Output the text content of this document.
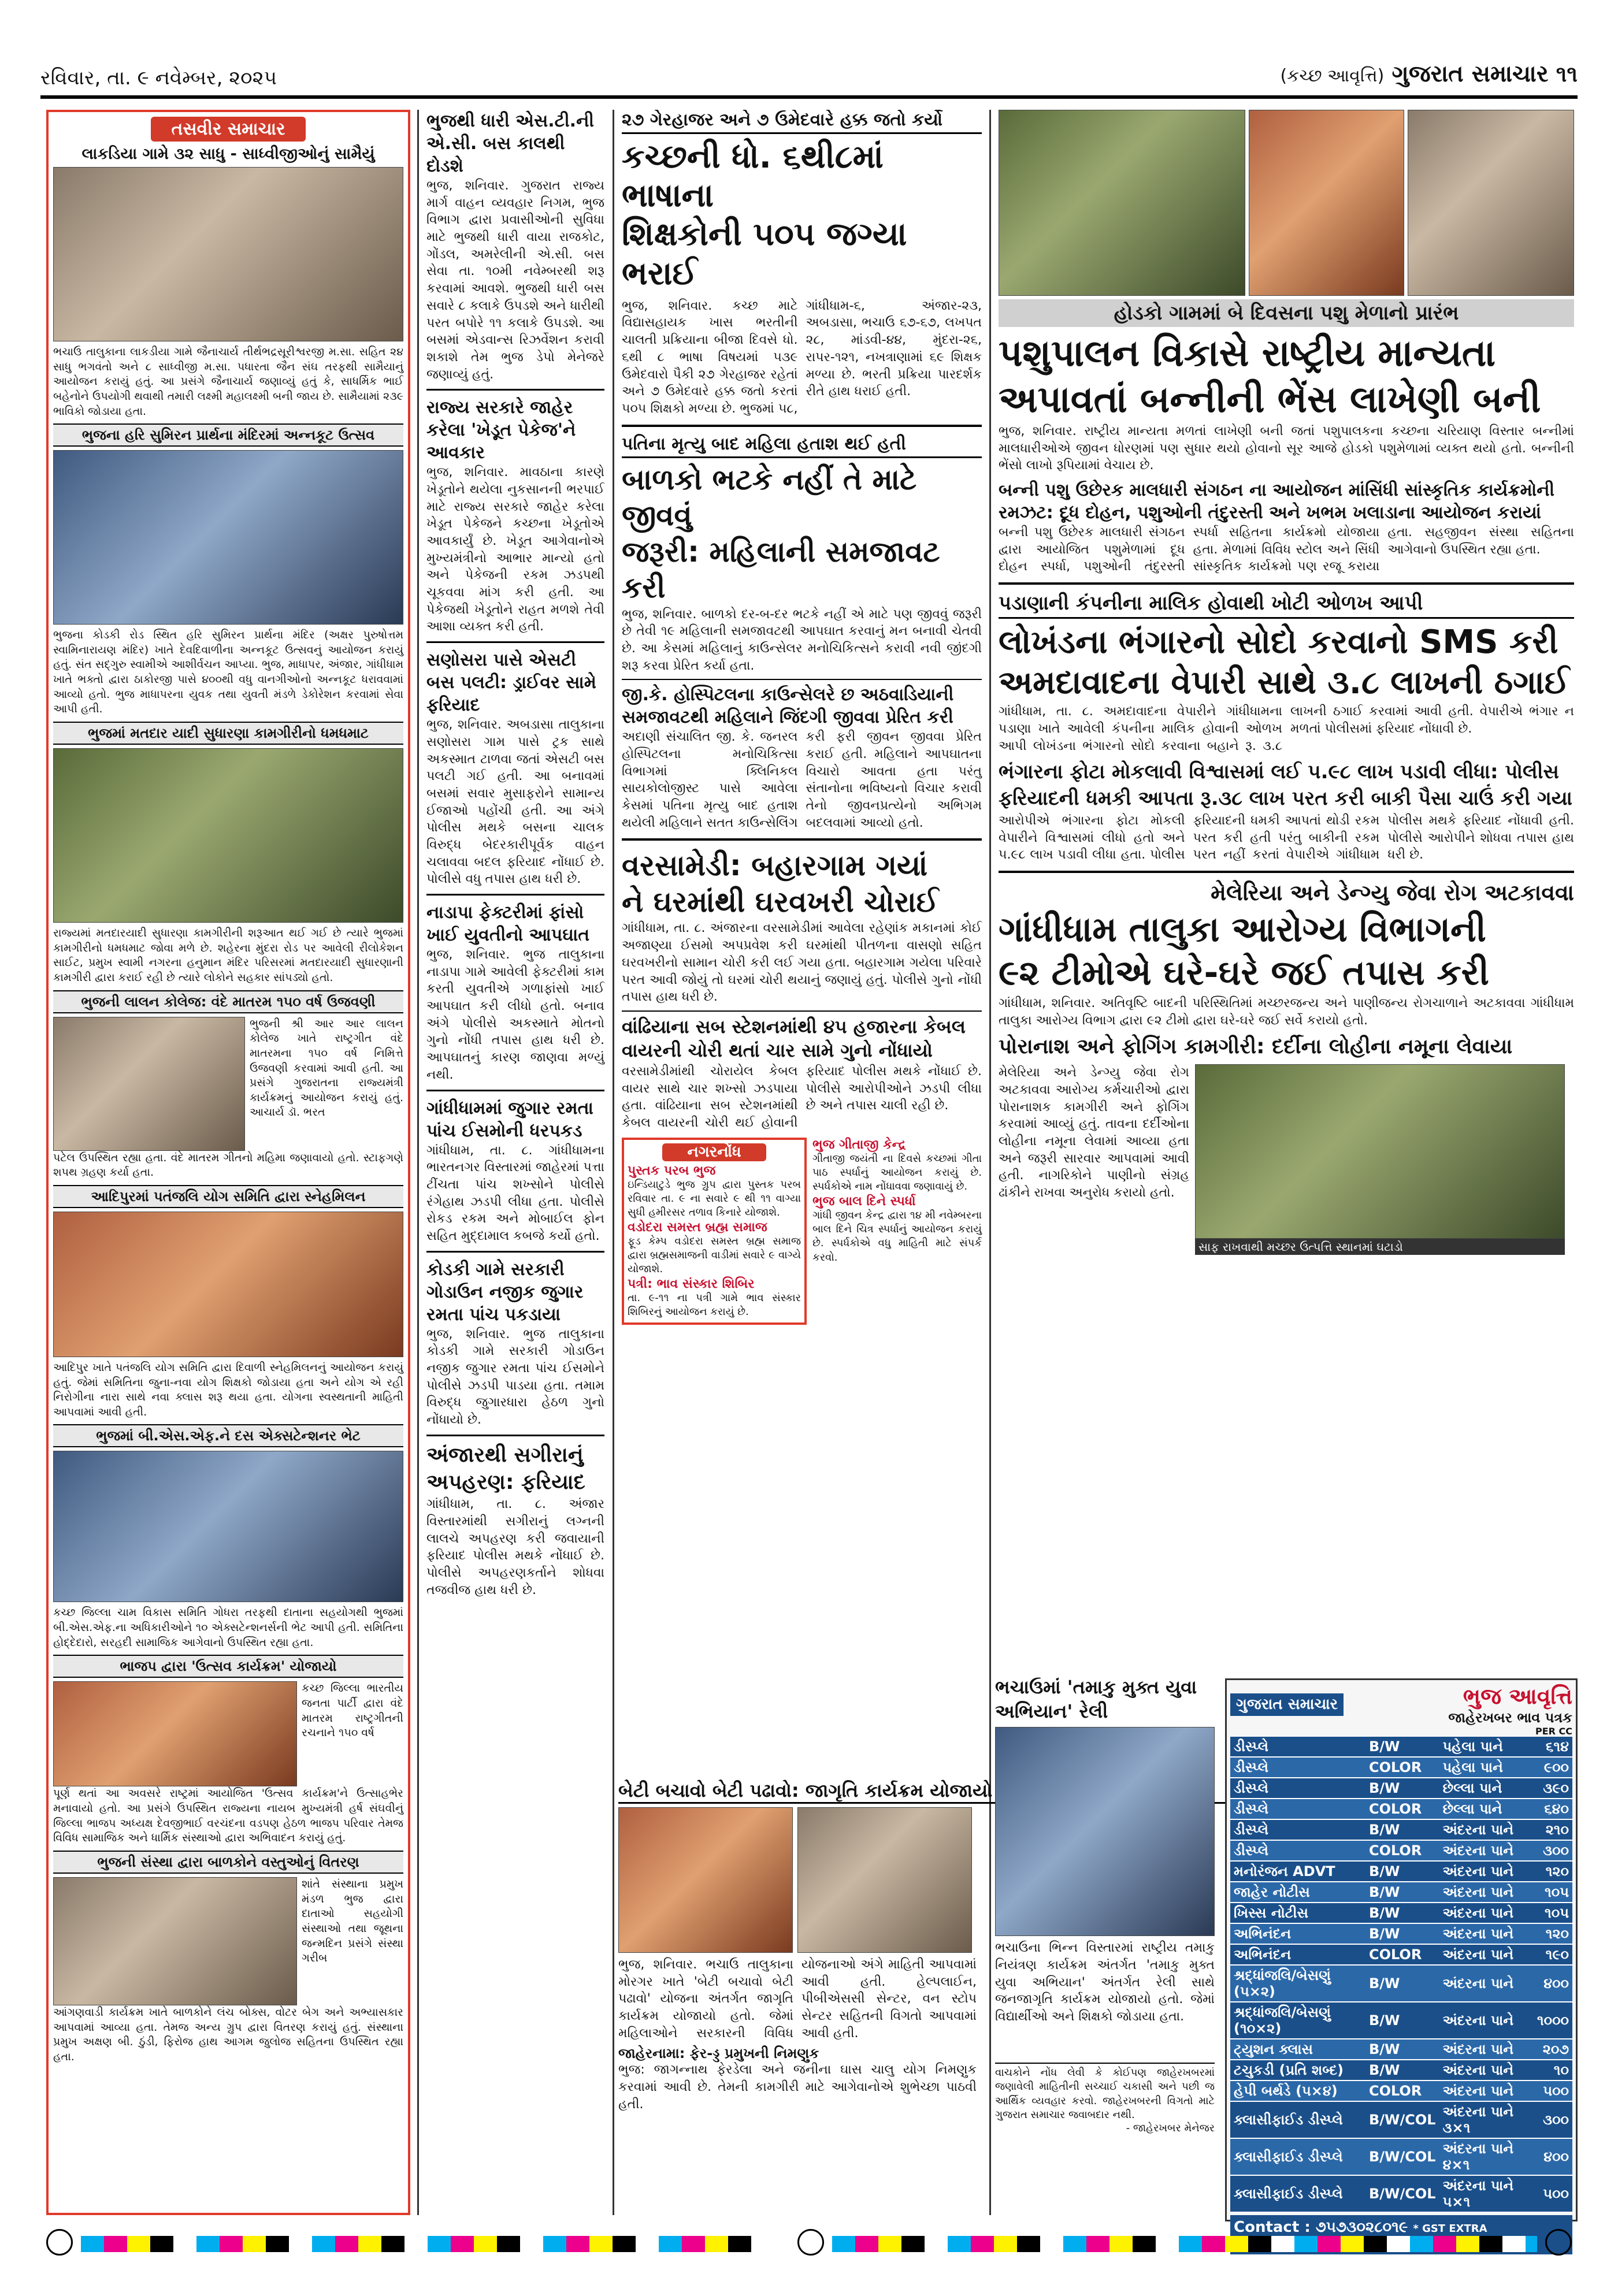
રવિવાર, તા. ૯ નવેમ્બર, ૨૦૨૫	(કચ્છ આવૃત્તિ) ગુજરાત સમાચાર ૧૧
તસવીર સમાચાર
લાકડિયા ગામે ૩૨ સાધુ - સાધ્વીજીઓનું સામૈયું
ભચાઉ તાલુકાના લાકડીયા ગામે જૈનાચાર્ય તીર્થભદ્રસૂરીશ્વરજી મ.સા. સહિત ૨૪ સાધુ ભગવંતો અને ૮ સાધ્વીજી મ.સા. પધારતા જૈન સંઘ તરફથી સામૈયાનું આયોજન કરાયું હતું. આ પ્રસંગે જૈનાચાર્ય જણાવ્યું હતું કે, સાધર્મિક ભાઈ બહેનોને ઉપયોગી થવાથી તમારી લક્ષ્મી મહાલક્ષ્મી બની જાય છે. સામૈયામાં ૨૩૯ ભાવિકો જોડાયા હતા.
ભુજના હરિ સુમિરન પ્રાર્થના મંદિરમાં અન્નકૂટ ઉત્સવ
ભુજના કોડકી રોડ સ્થિત હરિ સુમિરન પ્રાર્થના મંદિર (અક્ષર પુરુષોત્તમ સ્વામિનારાયણ મંદિર) ખાતે દેવદિવાળીના અન્નકૂટ ઉત્સવનું આયોજન કરાયું હતું. સંત સદ્ગુરુ સ્વામીએ આશીર્વચન આપ્યા. ભુજ, માધાપર, અંજાર, ગાંધીધામ ખાતે ભક્તો દ્વારા ઠાકોરજી પાસે ૪૦૦થી વધુ વાનગીઓનો અન્નકૂટ ધરાવવામાં આવ્યો હતો. ભુજ માધાપરના યુવક તથા યુવતી મંડળે ડેકોરેશન કરવામાં સેવા આપી હતી.
ભુજમાં મતદાર યાદી સુધારણા કામગીરીનો ધમધમાટ
રાજ્યમાં મતદારયાદી સુધારણા કામગીરીની શરૂઆત થઈ ગઈ છે ત્યારે ભુજમાં કામગીરીનો ધમધમાટ જોવા મળે છે. શહેરના મુંદરા રોડ પર આવેલી રીલોકેશન સાઈટ, પ્રમુખ સ્વામી નગરના હનુમાન મંદિર પરિસરમાં મતદારયાદી સુધારણાની કામગીરી દ્વારા કરાઈ રહી છે ત્યારે લોકોને સહકાર સાંપડ્યો હતો.
ભુજની લાલન કોલેજ: વંદે માતરમ ૧૫૦ વર્ષ ઉજવણી
ભુજની શ્રી આર આર લાલન કોલેજ ખાતે રાષ્ટ્રગીત વંદે માતરમના ૧૫૦ વર્ષ નિમિત્તે ઉજવણી કરવામાં આવી હતી. આ પ્રસંગે ગુજરાતના રાજ્યમંત્રી કાર્યક્રમનું આયોજન કરાયું હતું. આચાર્ય ડૉ. ભરત
પટેલ ઉપસ્થિત રહ્યા હતા. વંદે માતરમ ગીતનો મહિમા જણાવાયો હતો. સ્ટાફગણે શપથ ગ્રહણ કર્યા હતા.
આદિપુરમાં પતંજલિ યોગ સમિતિ દ્વારા સ્નેહમિલન
આદિપુર ખાતે પતંજલિ યોગ સમિતિ દ્વારા દિવાળી સ્નેહમિલનનું આયોજન કરાયું હતું. જેમાં સમિતિના જુના-નવા યોગ શિક્ષકો જોડાયા હતા અને યોગ એ રહી નિરોગીના નારા સાથે નવા ક્લાસ શરૂ થયા હતા. યોગના સ્વસ્થતાની માહિતી આપવામાં આવી હતી.
ભુજમાં બી.એસ.એફ.ને દસ એક્સટેન્શનર ભેટ
કચ્છ જિલ્લા ચામ વિકાસ સમિતિ ગોધરા તરફથી દાતાના સહયોગથી ભુજમાં બી.એસ.એફ.ના અધિકારીઓને ૧૦ એક્સટેન્શનર્સની ભેટ આપી હતી. સમિતિના હોદ્દેદારો, સરહદી સામાજિક આગેવાનો ઉપસ્થિત રહ્યા હતા.
ભાજપ દ્વારા 'ઉત્સવ કાર્યક્રમ' યોજાયો
કચ્છ જિલ્લા ભારતીય જનતા પાર્ટી દ્વારા વંદે માતરમ રાષ્ટ્રગીતની રચનાને ૧૫૦ વર્ષ
પૂર્ણ થતાં આ અવસરે રાષ્ટ્રમાં આયોજિત 'ઉત્સવ કાર્યક્રમ'ને ઉત્સાહભેર મનાવાયો હતો. આ પ્રસંગે ઉપસ્થિત રાજ્યના નાયબ મુખ્યમંત્રી હર્ષ સંઘવીનું જિલ્લા ભાજપ અધ્યક્ષ દેવજીભાઈ વરચંદના વડપણ હેઠળ ભાજપ પરિવાર તેમજ વિવિધ સામાજિક અને ધાર્મિક સંસ્થાઓ દ્વારા અભિવાદન કરાયું હતું.
ભુજની સંસ્થા દ્વારા બાળકોને વસ્તુઓનું વિતરણ
શાંતે સંસ્થાના પ્રમુખ મંડળ ભુજ દ્વારા દાતાઓ સહયોગી સંસ્થાઓ તથા જૂથના જન્મદિન પ્રસંગે સંસ્થા ગરીબ
આંગણવાડી કાર્યક્રમ ખાતે બાળકોને લંચ બોક્સ, વોટર બેગ અને અભ્યાસકાર આપવામાં આવ્યા હતા. તેમજ અન્ય ગ્રુપ દ્વારા વિતરણ કરાયું હતું. સંસ્થાના પ્રમુખ અક્ષણ બી. ઠુંડી, ફિરોજ હાથ આગમ જુલોજ સહિતના ઉપસ્થિત રહ્યા હતા.
ભુજથી ધારી એસ.ટી.ની એ.સી. બસ કાલથી દોડશે
ભુજ, શનિવાર. ગુજરાત રાજ્ય માર્ગ વાહન વ્યવહાર નિગમ, ભુજ વિભાગ દ્વારા પ્રવાસીઓની સુવિધા માટે ભુજથી ધારી વાયા રાજકોટ, ગોંડલ, અમરેલીની એ.સી. બસ સેવા તા. ૧૦મી નવેમ્બરથી શરૂ કરવામાં આવશે. ભુજથી ધારી બસ સવારે ૮ કલાકે ઉપડશે અને ધારીથી પરત બપોરે ૧૧ કલાકે ઉપડશે. આ બસમાં એડવાન્સ રિઝર્વેશન કરાવી શકાશે તેમ ભુજ ડેપો મેનેજરે જણાવ્યું હતું.
રાજ્ય સરકારે જાહેર કરેલા 'ખેડૂત પેકેજ'ને આવકાર
ભુજ, શનિવાર. માવઠાના કારણે ખેડૂતોને થયેલા નુકસાનની ભરપાઈ માટે રાજ્ય સરકારે જાહેર કરેલા ખેડૂત પેકેજને કચ્છના ખેડૂતોએ આવકાર્યું છે. ખેડૂત આગેવાનોએ મુખ્યમંત્રીનો આભાર માન્યો હતો અને પેકેજની રકમ ઝડપથી ચૂકવવા માંગ કરી હતી. આ પેકેજથી ખેડૂતોને રાહત મળશે તેવી આશા વ્યક્ત કરી હતી.
સણોસરા પાસે એસટી બસ પલટી: ડ્રાઈવર સામે ફરિયાદ
ભુજ, શનિવાર. અબડાસા તાલુકાના સણોસરા ગામ પાસે ટ્રક સાથે અકસ્માત ટાળવા જતાં એસટી બસ પલટી ગઈ હતી. આ બનાવમાં બસમાં સવાર મુસાફરોને સામાન્ય ઈજાઓ પહોંચી હતી. આ અંગે પોલીસ મથકે બસના ચાલક વિરુદ્ધ બેદરકારીપૂર્વક વાહન ચલાવવા બદલ ફરિયાદ નોંધાઈ છે. પોલીસે વધુ તપાસ હાથ ધરી છે.
નાડાપા ફેક્ટરીમાં ફાંસો ખાઈ યુવતીનો આપઘાત
ભુજ, શનિવાર. ભુજ તાલુકાના નાડાપા ગામે આવેલી ફેક્ટરીમાં કામ કરતી યુવતીએ ગળાફાંસો ખાઈ આપઘાત કરી લીધો હતો. બનાવ અંગે પોલીસે અકસ્માતે મોતનો ગુનો નોંધી તપાસ હાથ ધરી છે. આપઘાતનું કારણ જાણવા મળ્યું નથી.
ગાંધીધામમાં જુગાર રમતા પાંચ ઈસમોની ધરપકડ
ગાંધીધામ, તા. ૮. ગાંધીધામના ભારતનગર વિસ્તારમાં જાહેરમાં પત્તા ટીંચતા પાંચ શખ્સોને પોલીસે રંગેહાથ ઝડપી લીધા હતા. પોલીસે રોકડ રકમ અને મોબાઈલ ફોન સહિત મુદ્દામાલ કબજે કર્યો હતો.
કોડકી ગામે સરકારી ગોડાઉન નજીક જુગાર રમતા પાંચ પકડાયા
ભુજ, શનિવાર. ભુજ તાલુકાના કોડકી ગામે સરકારી ગોડાઉન નજીક જુગાર રમતા પાંચ ઈસમોને પોલીસે ઝડપી પાડયા હતા. તમામ વિરુદ્ધ જુગારધારા હેઠળ ગુનો નોંધાયો છે.
અંજારથી સગીરાનું અપહરણ: ફરિયાદ
ગાંધીધામ, તા. ૮. અંજાર વિસ્તારમાંથી સગીરાનું લગ્નની લાલચે અપહરણ કરી જવાયાની ફરિયાદ પોલીસ મથકે નોંધાઈ છે. પોલીસે અપહરણકર્તાને શોધવા તજવીજ હાથ ધરી છે.
૨૭ ગેરહાજર અને ૭ ઉમેદવારે હક્ક જતો કર્યો
કચ્છની ધો. ૬થી૮માં ભાષાના
શિક્ષકોની ૫૦૫ જગ્યા ભરાઈ
ભુજ, શનિવાર. કચ્છ માટે વિદ્યાસહાયક ખાસ ભરતીની ચાલતી પ્રક્રિયાના બીજા દિવસે ધો. ૬થી ૮ ભાષા વિષયમાં ૫૩૯ ઉમેદવારો પૈકી ૨૭ ગેરહાજર રહેતાં અને ૭ ઉમેદવારે હક્ક જતો કરતાં ૫૦૫ શિક્ષકો મળ્યા છે. ભુજમાં ૫૮, ગાંધીધામ-૬, અંજાર-૨૩, અબડાસા, ભચાઉ ૬૭-૬૭, લખપત ૨૮, માંડવી-૪૪, મુંદરા-૨૬, રાપર-૧૨૧, નખત્રાણામાં ૬૯ શિક્ષક મળ્યા છે. ભરતી પ્રક્રિયા પારદર્શક રીતે હાથ ધરાઈ હતી.
પતિના મૃત્યુ બાદ મહિલા હતાશ થઈ હતી
બાળકો ભટકે નહીં તે માટે જીવવું
જરૂરી: મહિલાની સમજાવટ કરી
ભુજ, શનિવાર. બાળકો દર-બ-દર ભટકે નહીં એ માટે પણ જીવવું જરૂરી છે તેવી ૧૯ મહિલાની સમજાવટથી આપઘાત કરવાનું મન બનાવી ચેતવી છે. આ કેસમાં મહિલાનું કાઉન્સેલર મનોચિકિત્સને કરાવી નવી જીંદગી શરૂ કરવા પ્રેરિત કર્યા હતા.
જી.કે. હોસ્પિટલના કાઉન્સેલરે છ અઠવાડિયાની સમજાવટથી મહિલાને જિંદગી જીવવા પ્રેરિત કરી
અદાણી સંચાલિત જી. કે. જનરલ હોસ્પિટલના મનોચિકિત્સા વિભાગમાં ક્લિનિકલ સાયકોલોજીસ્ટ પાસે આવેલા કેસમાં પતિના મૃત્યુ બાદ હતાશ થયેલી મહિલાને સતત કાઉન્સેલિંગ કરી ફરી જીવન જીવવા પ્રેરિત કરાઈ હતી. મહિલાને આપઘાતના વિચારો આવતા હતા પરંતુ સંતાનોના ભવિષ્યનો વિચાર કરાવી તેનો જીવનપ્રત્યેનો અભિગમ બદલવામાં આવ્યો હતો.
વરસામેડી: બહારગામ ગયાં
ને ઘરમાંથી ઘરવખરી ચોરાઈ
ગાંધીધામ, તા. ૮. અંજારના વરસામેડીમાં આવેલા રહેણાંક મકાનમાં કોઈ અજાણ્યા ઈસમો અપપ્રવેશ કરી ઘરમાંથી પીતળના વાસણો સહિત ઘરવખરીનો સામાન ચોરી કરી લઈ ગયા હતા. બહારગામ ગયેલા પરિવારે પરત આવી જોયું તો ઘરમાં ચોરી થયાનું જણાયું હતું. પોલીસે ગુનો નોંધી તપાસ હાથ ધરી છે.
વાંઢિયાના સબ સ્ટેશનમાંથી ૪૫ હજારના કેબલ વાયરની ચોરી થતાં ચાર સામે ગુનો નોંધાયો
વરસામેડીમાંથી ચોરાયેલ કેબલ વાયર સાથે ચાર શખ્સો ઝડપાયા હતા. વાંઢિયાના સબ સ્ટેશનમાંથી કેબલ વાયરની ચોરી થઈ હોવાની ફરિયાદ પોલીસ મથકે નોંધાઈ છે. પોલીસે આરોપીઓને ઝડપી લીધા છે અને તપાસ ચાલી રહી છે.
નગરનોંધ
પુસ્તક પરબ ભુજ
ઇન્ડિયાટુડે ભુજ ગ્રુપ દ્વારા પુસ્તક પરબ રવિવાર તા. ૯ ના સવારે ૯ થી ૧૧ વાગ્યા સુધી હમીરસર તળાવ કિનારે યોજાશે.
વડોદરા સમસ્ત બ્રહ્મ સમાજ
ફૂડ કેમ્પ વડોદરા સમસ્ત બ્રહ્મ સમાજ દ્વારા બ્રહ્મસમાજની વાડીમાં સવારે ૯ વાગ્યે યોજાશે.
પત્રી: ભાવ સંસ્કાર શિબિર
તા. ૯-૧૧ ના પત્રી ગામે ભાવ સંસ્કાર શિબિરનું આયોજન કરાયું છે.
ભુજ ગીતાજી કેન્દ્ર
ગીતાજી જયંતી ના દિવસે કચ્છમાં ગીતા પાઠ સ્પર્ધાનું આયોજન કરાયું છે. સ્પર્ધકોએ નામ નોંધાવવા જણાવાયું છે.
ભુજ બાલ દિને સ્પર્ધા
ગાંધી જીવન કેન્દ્ર દ્વારા ૧૪ મી નવેમ્બરના બાલ દિને ચિત્ર સ્પર્ધાનું આયોજન કરાયું છે. સ્પર્ધકોએ વધુ માહિતી માટે સંપર્ક કરવો.
બેટી બચાવો બેટી પઢાવો: જાગૃતિ કાર્યક્રમ યોજાયો
ભુજ, શનિવાર. ભચાઉ તાલુકાના મોરગર ખાતે 'બેટી બચાવો બેટી પઢાવો' યોજના અંતર્ગત જાગૃતિ કાર્યક્રમ યોજાયો હતો. જેમાં મહિલાઓને સરકારની વિવિધ યોજનાઓ અંગે માહિતી આપવામાં આવી હતી. હેલ્પલાઈન, પીબીએસસી સેન્ટર, વન સ્ટોપ સેન્ટર સહિતની વિગતો આપવામાં આવી હતી.
જાહેરનામા: ફેર-ડ્ડ પ્રમુખની નિમણુક
ભુજ: જાગન્નાથ ફેરડેલા અને જનીના ઘાસ ચાલુ યોગ નિમણુક કરવામાં આવી છે. તેમની કામગીરી માટે આગેવાનોએ શુભેચ્છા પાઠવી હતી.
હોડકો ગામમાં બે દિવસના પશુ મેળાનો પ્રારંભ
પશુપાલન વિકાસે રાષ્ટ્રીય માન્યતા
અપાવતાં બન્નીની ભેંસ લાખેણી બની
ભુજ, શનિવાર. રાષ્ટ્રીય માન્યતા મળતાં લાખેણી બની જતાં પશુપાલકના કચ્છના ચરિયાણ વિસ્તાર બન્નીમાં માલધારીઓએ જીવન ધોરણમાં પણ સુધાર થયો હોવાનો સૂર આજે હોડકો પશુમેળામાં વ્યક્ત થયો હતો. બન્નીની ભેંસો લાખો રૂપિયામાં વેચાય છે.
બન્ની પશુ ઉછેરક માલધારી સંગઠન ના આયોજન માંસિંધી સાંસ્કૃતિક કાર્યક્રમોની રમઝટ: દૂધ દોહન, પશુઓની તંદુરસ્તી અને ખભમ ખલાડાના આયોજન કરાયાં
બન્ની પશુ ઉછેરક માલધારી સંગઠન દ્વારા આયોજિત પશુમેળામાં દૂધ દોહન સ્પર્ધા, પશુઓની તંદુરસ્તી સ્પર્ધા સહિતના કાર્યક્રમો યોજાયા હતા. મેળામાં વિવિધ સ્ટોલ અને સિંધી સાંસ્કૃતિક કાર્યક્રમો પણ રજૂ કરાયા હતા. સહજીવન સંસ્થા સહિતના આગેવાનો ઉપસ્થિત રહ્યા હતા.
પડાણાની કંપનીના માલિક હોવાથી ખોટી ઓળખ આપી
લોખંડના ભંગારનો સોદો કરવાનો SMS કરી
અમદાવાદના વેપારી સાથે ૩.૮ લાખની ઠગાઈ
ગાંધીધામ, તા. ૮. અમદાવાદના વેપારીને ગાંધીધામના પડાણા ખાતે આવેલી કંપનીના માલિક હોવાની ઓળખ આપી લોખંડના ભંગારનો સોદો કરવાના બહાને રૂ. ૩.૮ લાખની ઠગાઈ કરવામાં આવી હતી. વેપારીએ ભંગાર ન મળતાં પોલીસમાં ફરિયાદ નોંધાવી છે.
ભંગારના ફોટા મોકલાવી વિશ્વાસમાં લઈ ૫.૯૮ લાખ પડાવી લીધા: પોલીસ ફરિયાદની ધમકી આપતા રૂ.૩૮ લાખ પરત કરી બાકી પૈસા ચાઉં કરી ગયા
આરોપીએ ભંગારના ફોટા મોકલી વેપારીને વિશ્વાસમાં લીધો હતો અને ૫.૯૮ લાખ પડાવી લીધા હતા. પોલીસ ફરિયાદની ધમકી આપતાં થોડી રકમ પરત કરી હતી પરંતુ બાકીની રકમ પરત નહીં કરતાં વેપારીએ ગાંધીધામ પોલીસ મથકે ફરિયાદ નોંધાવી હતી. પોલીસે આરોપીને શોધવા તપાસ હાથ ધરી છે.
મેલેરિયા અને ડેન્ગ્યુ જેવા રોગ અટકાવવા
ગાંધીધામ તાલુકા આરોગ્ય વિભાગની
૯૨ ટીમોએ ઘરે-ઘરે જઈ તપાસ કરી
ગાંધીધામ, શનિવાર. અતિવૃષ્ટિ બાદની પરિસ્થિતિમાં મચ્છરજન્ય અને પાણીજન્ય રોગચાળાને અટકાવવા ગાંધીધામ તાલુકા આરોગ્ય વિભાગ દ્વારા ૯૨ ટીમો દ્વારા ઘરે-ઘરે જઈ સર્વે કરાયો હતો.
પોરાનાશ અને ફોગિંગ કામગીરી: દર્દીના લોહીના નમૂના લેવાયા
મેલેરિયા અને ડેન્ગ્યુ જેવા રોગ અટકાવવા આરોગ્ય કર્મચારીઓ દ્વારા પોરાનાશક કામગીરી અને ફોગિંગ કરવામાં આવ્યું હતું. તાવના દર્દીઓના લોહીના નમૂના લેવામાં આવ્યા હતા અને જરૂરી સારવાર આપવામાં આવી હતી. નાગરિકોને પાણીનો સંગ્રહ ઢાંકીને રાખવા અનુરોધ કરાયો હતો.
સાફ રાખવાથી મચ્છર ઉત્પત્તિ સ્થાનમાં ઘટાડો
ભચાઉમાં 'તમાકુ મુક્ત યુવા અભિયાન' રેલી
ભચાઉના ભિન્ન વિસ્તારમાં રાષ્ટ્રીય તમાકુ નિયંત્રણ કાર્યક્રમ અંતર્ગત 'તમાકુ મુક્ત યુવા અભિયાન' અંતર્ગત રેલી સાથે જનજાગૃતિ કાર્યક્રમ યોજાયો હતો. જેમાં વિદ્યાર્થીઓ અને શિક્ષકો જોડાયા હતા.
ગુજરાત સમાચાર	ભુજ આવૃત્તિ
જાહેરખબર ભાવ પત્રક
PER CC
ડીસ્પ્લે	B/W	પહેલા પાને	૬૧૪
ડીસ્પ્લે	COLOR	પહેલા પાને	૯૦૦
ડીસ્પ્લે	B/W	છેલ્લા પાને	૩૯૦
ડીસ્પ્લે	COLOR	છેલ્લા પાને	૬૪૦
ડીસ્પ્લે	B/W	અંદરના પાને	૨૧૦
ડીસ્પ્લે	COLOR	અંદરના પાને	૩૦૦
મનોરંજન ADVT	B/W	અંદરના પાને	૧૨૦
જાહેર નોટીસ	B/W	અંદરના પાને	૧૦૫
ખિસ્સ નોટીસ	B/W	અંદરના પાને	૧૦૫
અભિનંદન	B/W	અંદરના પાને	૧૨૦
અભિનંદન	COLOR	અંદરના પાને	૧૯૦
શ્રદ્ધાંજલિ/બેસણું (૫×૨)	B/W	અંદરના પાને	૪૦૦
શ્રદ્ધાંજલિ/બેસણું (૧૦×૨)	B/W	અંદરના પાને	૧૦૦૦
ટ્યુશન ક્લાસ	B/W	અંદરના પાને	૨૦૭
ટચુકડી (પ્રતિ શબ્દ)	B/W	અંદરના પાને	૧૦
હેપી બર્થડે (૫×૪)	COLOR	અંદરના પાને	૫૦૦
ક્લાસીફાઈડ ડીસ્પ્લે	B/W/COL	અંદરના પાને ૩×૧	૩૦૦
ક્લાસીફાઈડ ડીસ્પ્લે	B/W/COL	અંદરના પાને ૪×૧	૪૦૦
ક્લાસીફાઈડ ડીસ્પ્લે	B/W/COL	અંદરના પાને ૫×૧	૫૦૦
Contact : ૭૫૭૩૦૨૮૦૧૯ * GST EXTRA
વાચકોને નોંધ લેવી કે કોઈપણ જાહેરખબરમાં જણાવેલી માહિતીની સચ્ચાઈ ચકાસી અને પછી જ આર્થિક વ્યવહાર કરવો. જાહેરખબરની વિગતો માટે ગુજરાત સમાચાર જવાબદાર નથી.
- જાહેરખબર મેનેજર
